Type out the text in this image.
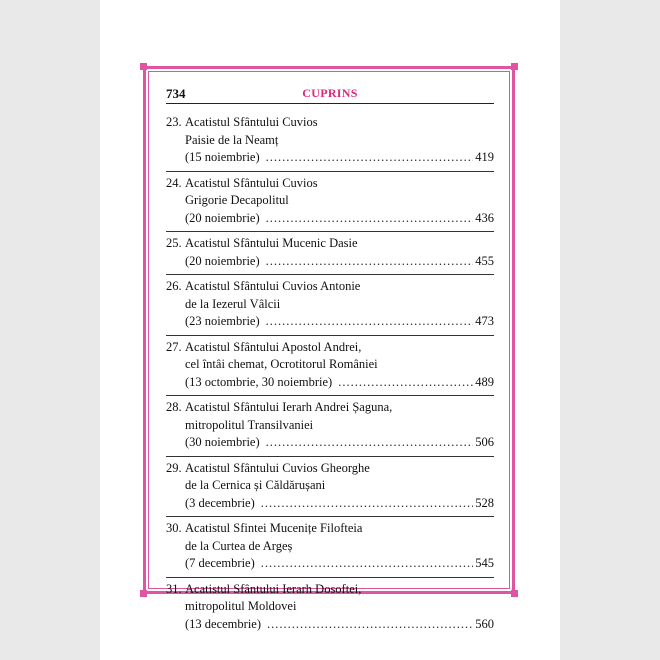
734	CUPRINS
23. Acatistul Sfântului Cuvios
Paisie de la Neamț
(15 noiembrie) .....	419
24. Acatistul Sfântului Cuvios
Grigorie Decapolitul
(20 noiembrie) .....	436
25. Acatistul Sfântului Mucenic Dasie
(20 noiembrie) .....	455
26. Acatistul Sfântului Cuvios Antonie
de la Iezerul Vâlcii
(23 noiembrie) .....	473
27. Acatistul Sfântului Apostol Andrei,
cel întâi chemat, Ocrotitorul României
(13 octombrie, 30 noiembrie) .....	489
28. Acatistul Sfântului Ierarh Andrei Șaguna,
mitropolitul Transilvaniei
(30 noiembrie) .....	506
29. Acatistul Sfântului Cuvios Gheorghe
de la Cernica și Căldărușani
(3 decembrie) .....	528
30. Acatistul Sfintei Mucenițe Filofteia
de la Curtea de Argeș
(7 decembrie) .....	545
31. Acatistul Sfântului Ierarh Dosoftei,
mitropolitul Moldovei
(13 decembrie) .....	560
